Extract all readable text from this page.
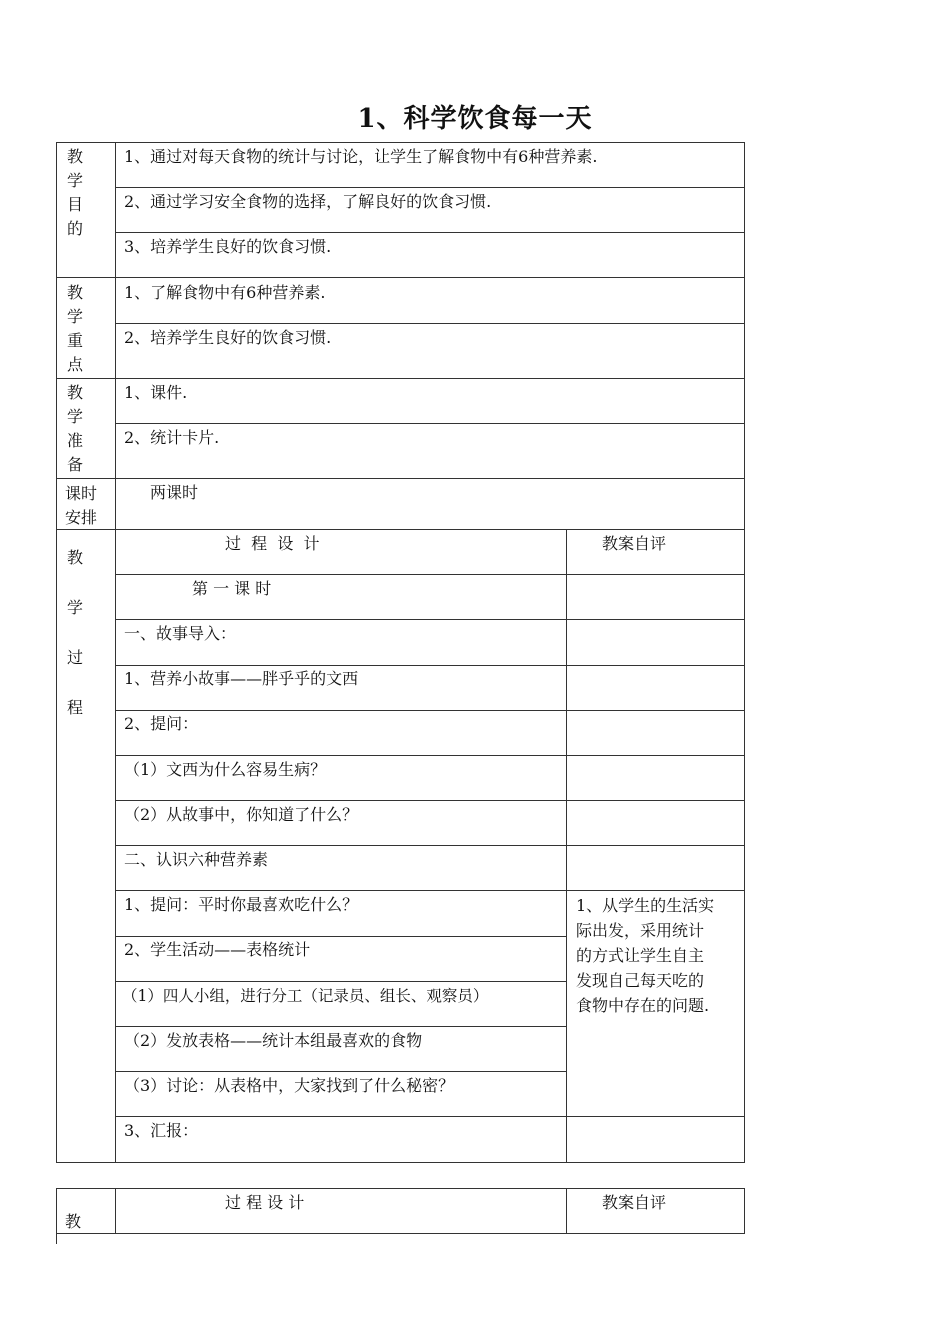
1、科学饮食每一天
教
学
目
的
1、通过对每天食物的统计与讨论，让学生了解食物中有6种营养素.
2、通过学习安全食物的选择，了解良好的饮食习惯.
3、培养学生良好的饮食习惯.
教
学
重
点
1、了解食物中有6种营养素.
2、培养学生良好的饮食习惯.
教
学
准
备
1、课件.
2、统计卡片.
课时
安排
两课时
教
学
过
程
过  程  设  计	教案自评
第 一 课 时
一、故事导入：
1、营养小故事——胖乎乎的文西
2、提问：
（1）文西为什么容易生病？
（2）从故事中，你知道了什么？
二、认识六种营养素
1、提问：平时你最喜欢吃什么？
2、学生活动——表格统计
（1）四人小组，进行分工（记录员、组长、观察员）
（2）发放表格——统计本组最喜欢的食物
（3）讨论：从表格中，大家找到了什么秘密？
3、汇报：
1、从学生的生活实
际出发，采用统计
的方式让学生自主
发现自己每天吃的
食物中存在的问题.
教
过 程 设 计	教案自评
